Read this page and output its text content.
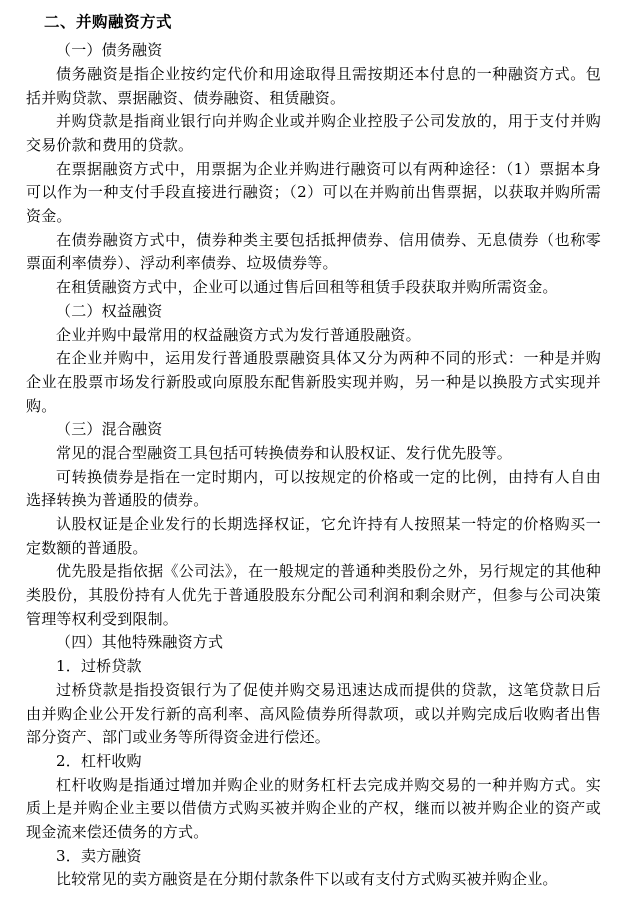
二、并购融资方式

（一）债务融资

债务融资是指企业按约定代价和用途取得且需按期还本付息的一种融资方式。包括并购贷款、票据融资、债券融资、租赁融资。

并购贷款是指商业银行向并购企业或并购企业控股子公司发放的，用于支付并购交易价款和费用的贷款。

在票据融资方式中，用票据为企业并购进行融资可以有两种途径：（1）票据本身可以作为一种支付手段直接进行融资；（2）可以在并购前出售票据，以获取并购所需资金。

在债券融资方式中，债券种类主要包括抵押债券、信用债券、无息债券（也称零票面利率债券）、浮动利率债券、垃圾债券等。

在租赁融资方式中，企业可以通过售后回租等租赁手段获取并购所需资金。

（二）权益融资

企业并购中最常用的权益融资方式为发行普通股融资。

在企业并购中，运用发行普通股票融资具体又分为两种不同的形式：一种是并购企业在股票市场发行新股或向原股东配售新股实现并购，另一种是以换股方式实现并购。

（三）混合融资

常见的混合型融资工具包括可转换债券和认股权证、发行优先股等。

可转换债券是指在一定时期内，可以按规定的价格或一定的比例，由持有人自由选择转换为普通股的债券。

认股权证是企业发行的长期选择权证，它允许持有人按照某一特定的价格购买一定数额的普通股。

优先股是指依据《公司法》，在一般规定的普通种类股份之外，另行规定的其他种类股份，其股份持有人优先于普通股股东分配公司利润和剩余财产，但参与公司决策管理等权利受到限制。

（四）其他特殊融资方式

1．过桥贷款

过桥贷款是指投资银行为了促使并购交易迅速达成而提供的贷款，这笔贷款日后由并购企业公开发行新的高利率、高风险债券所得款项，或以并购完成后收购者出售部分资产、部门或业务等所得资金进行偿还。

2．杠杆收购

杠杆收购是指通过增加并购企业的财务杠杆去完成并购交易的一种并购方式。实质上是并购企业主要以借债方式购买被并购企业的产权，继而以被并购企业的资产或现金流来偿还债务的方式。

3．卖方融资

比较常见的卖方融资是在分期付款条件下以或有支付方式购买被并购企业。
